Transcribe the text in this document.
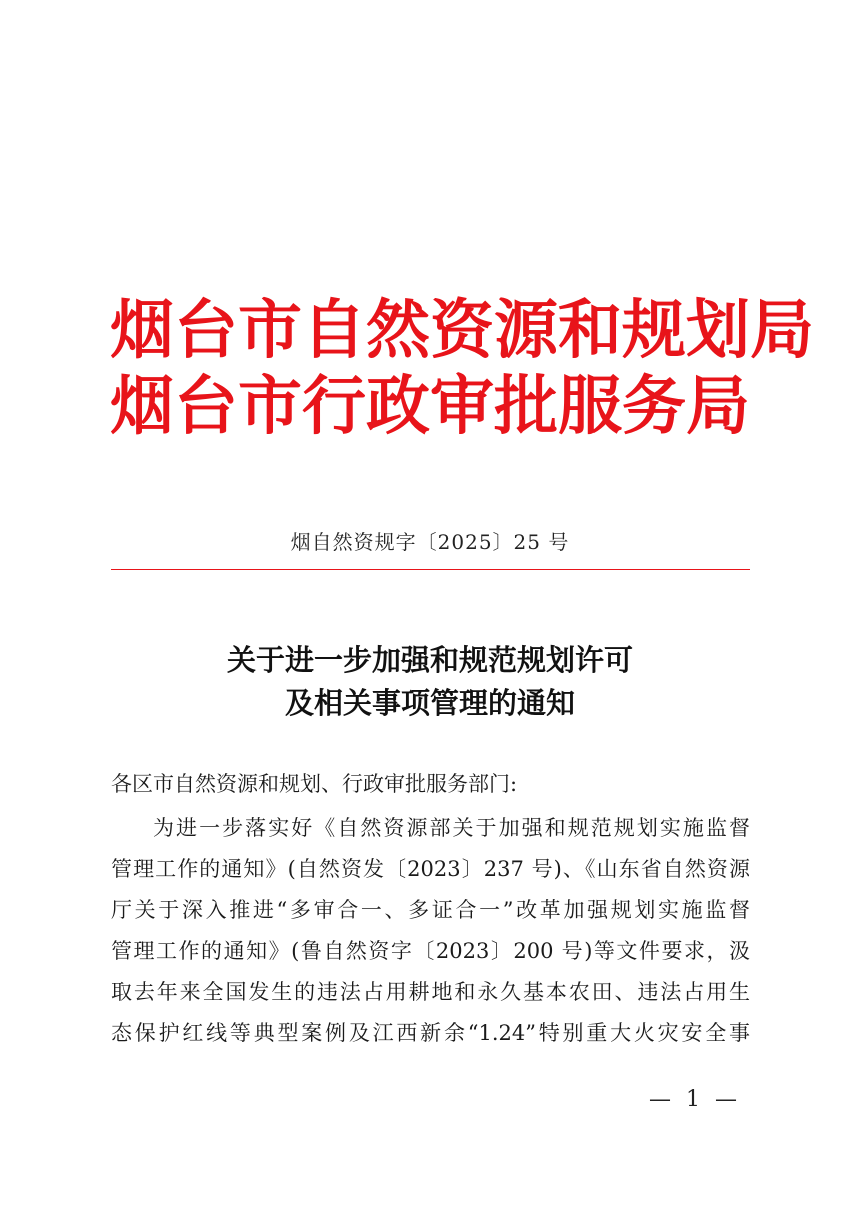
烟台市自然资源和规划局
烟台市行政审批服务局
烟自然资规字〔2025〕25 号
关于进一步加强和规范规划许可
及相关事项管理的通知
各区市自然资源和规划、行政审批服务部门:
为进一步落实好《自然资源部关于加强和规范规划实施监督
管理工作的通知》(自然资发〔2023〕237 号)、《山东省自然资源
厅关于深入推进“多审合一、多证合一”改革加强规划实施监督
管理工作的通知》(鲁自然资字〔2023〕200 号)等文件要求，汲
取去年来全国发生的违法占用耕地和永久基本农田、违法占用生
态保护红线等典型案例及江西新余“1.24”特别重大火灾安全事
— 1 —
